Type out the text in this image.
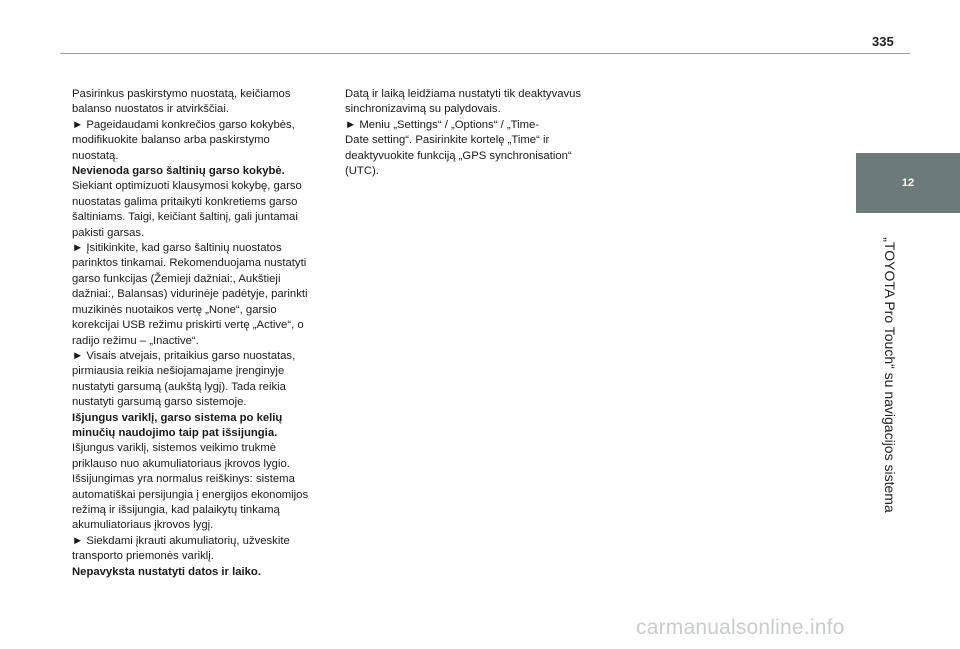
335
12
„TOYOTA Pro Touch“ su navigacijos sistema

Pasirinkus paskirstymo nuostatą, keičiamos

balanso nuostatos ir atvirkščiai.

► Pageidaudami konkrečios garso kokybės,

modifikuokite balanso arba paskirstymo

nuostatą.

Nevienoda garso šaltinių garso kokybė.

Siekiant optimizuoti klausymosi kokybę, garso

nuostatas galima pritaikyti konkretiems garso

šaltiniams. Taigi, keičiant šaltinį, gali juntamai

pakisti garsas.

► Įsitikinkite, kad garso šaltinių nuostatos

parinktos tinkamai. Rekomenduojama nustatyti

garso funkcijas (Žemieji dažniai:, Aukštieji

dažniai:, Balansas) vidurinėje padėtyje, parinkti

muzikinės nuotaikos vertę „None“, garsio

korekcijai USB režimu priskirti vertę „Active“, o

radijo režimu – „Inactive“.

► Visais atvejais, pritaikius garso nuostatas,

pirmiausia reikia nešiojamajame įrenginyje

nustatyti garsumą (aukštą lygį). Tada reikia

nustatyti garsumą garso sistemoje.

Išjungus variklį, garso sistema po kelių

minučių naudojimo taip pat išsijungia.

Išjungus variklį, sistemos veikimo trukmė

priklauso nuo akumuliatoriaus įkrovos lygio.

Išsijungimas yra normalus reiškinys: sistema

automatiškai persijungia į energijos ekonomijos

režimą ir išsijungia, kad palaikytų tinkamą

akumuliatoriaus įkrovos lygį.

► Siekdami įkrauti akumuliatorių, užveskite

transporto priemonės variklį.

Nepavyksta nustatyti datos ir laiko.

Datą ir laiką leidžiama nustatyti tik deaktyvavus

sinchronizavimą su palydovais.

► Meniu „Settings“ / „Options“ / „Time-

Date setting“. Pasirinkite kortelę „Time“ ir

deaktyvuokite funkciją „GPS synchronisation“

(UTC).

carmanualsonline.info
